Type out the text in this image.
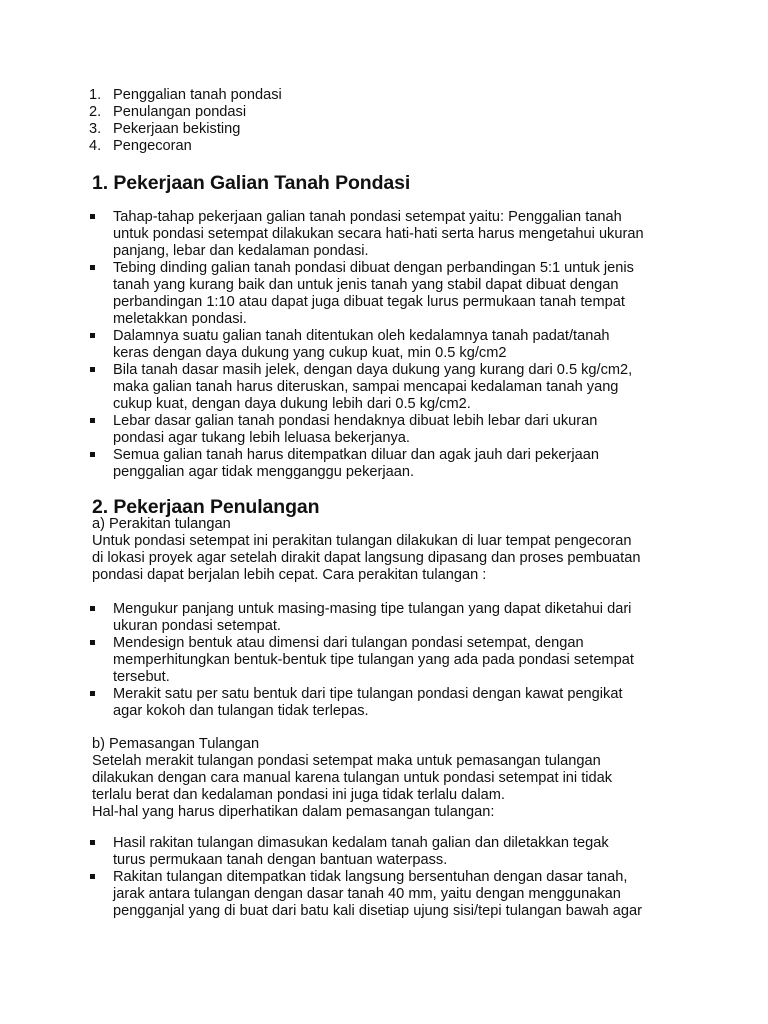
1. Penggalian tanah pondasi
2. Penulangan pondasi
3. Pekerjaan bekisting
4. Pengecoran
1. Pekerjaan Galian Tanah Pondasi
Tahap-tahap pekerjaan galian tanah pondasi setempat yaitu: Penggalian tanah
untuk pondasi setempat dilakukan secara hati-hati serta harus mengetahui ukuran
panjang, lebar dan kedalaman pondasi.
Tebing dinding galian tanah pondasi dibuat dengan perbandingan 5:1 untuk jenis
tanah yang kurang baik dan untuk jenis tanah yang stabil dapat dibuat dengan
perbandingan 1:10 atau dapat juga dibuat tegak lurus permukaan tanah tempat
meletakkan pondasi.
Dalamnya suatu galian tanah ditentukan oleh kedalamnya tanah padat/tanah
keras dengan daya dukung yang cukup kuat, min 0.5 kg/cm2
Bila tanah dasar masih jelek, dengan daya dukung yang kurang dari 0.5 kg/cm2,
maka galian tanah harus diteruskan, sampai mencapai kedalaman tanah yang
cukup kuat, dengan daya dukung lebih dari 0.5 kg/cm2.
Lebar dasar galian tanah pondasi hendaknya dibuat lebih lebar dari ukuran
pondasi agar tukang lebih leluasa bekerjanya.
Semua galian tanah harus ditempatkan diluar dan agak jauh dari pekerjaan
penggalian agar tidak mengganggu pekerjaan.
2. Pekerjaan Penulangan
a) Perakitan tulangan
Untuk pondasi setempat ini perakitan tulangan dilakukan di luar tempat pengecoran
di lokasi proyek agar setelah dirakit dapat langsung dipasang dan proses pembuatan
pondasi dapat berjalan lebih cepat. Cara perakitan tulangan :
Mengukur panjang untuk masing-masing tipe tulangan yang dapat diketahui dari
ukuran pondasi setempat.
Mendesign bentuk atau dimensi dari tulangan pondasi setempat, dengan
memperhitungkan bentuk-bentuk tipe tulangan yang ada pada pondasi setempat
tersebut.
Merakit satu per satu bentuk dari tipe tulangan pondasi dengan kawat pengikat
agar kokoh dan tulangan tidak terlepas.
b) Pemasangan Tulangan
Setelah merakit tulangan pondasi setempat maka untuk pemasangan tulangan
dilakukan dengan cara manual karena tulangan untuk pondasi setempat ini tidak
terlalu berat dan kedalaman pondasi ini juga tidak terlalu dalam.
Hal-hal yang harus diperhatikan dalam pemasangan tulangan:
Hasil rakitan tulangan dimasukan kedalam tanah galian dan diletakkan tegak
turus permukaan tanah dengan bantuan waterpass.
Rakitan tulangan ditempatkan tidak langsung bersentuhan dengan dasar tanah,
jarak antara tulangan dengan dasar tanah 40 mm, yaitu dengan menggunakan
pengganjal yang di buat dari batu kali disetiap ujung sisi/tepi tulangan bawah agar
